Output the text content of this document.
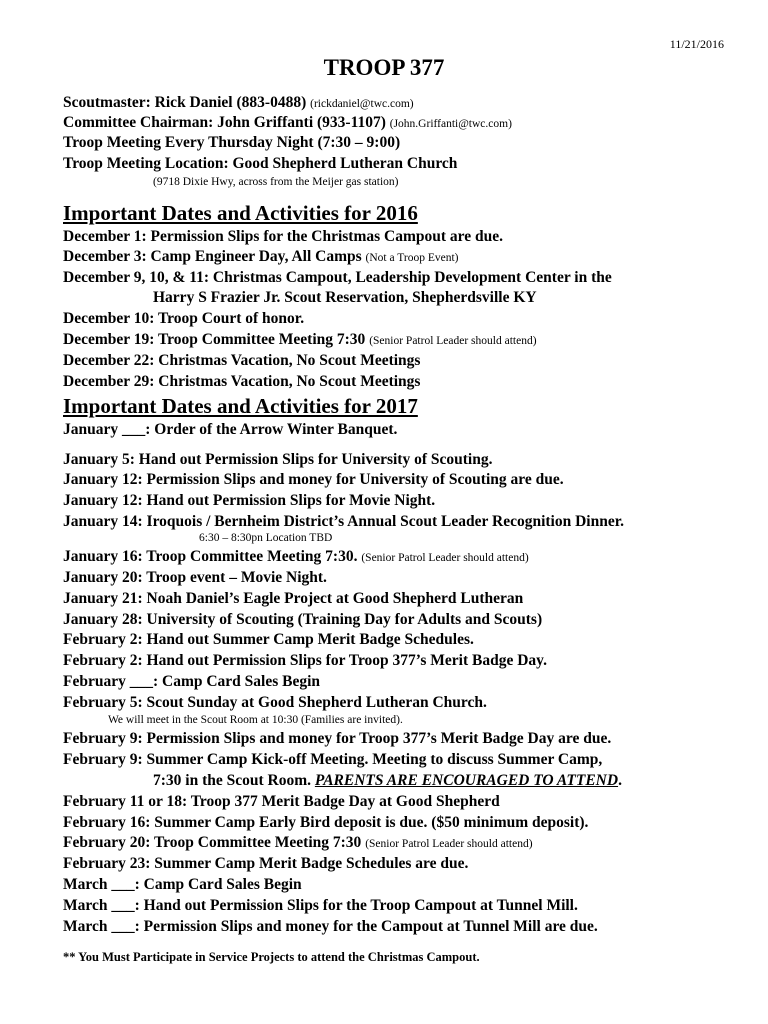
11/21/2016
TROOP 377
Scoutmaster: Rick Daniel (883-0488) (rickdaniel@twc.com)
Committee Chairman: John Griffanti (933-1107) (John.Griffanti@twc.com)
Troop Meeting Every Thursday Night (7:30 – 9:00)
Troop Meeting Location: Good Shepherd Lutheran Church
(9718 Dixie Hwy, across from the Meijer gas station)
Important Dates and Activities for 2016
December 1: Permission Slips for the Christmas Campout are due.
December 3: Camp Engineer Day, All Camps (Not a Troop Event)
December 9, 10, & 11: Christmas Campout, Leadership Development Center in the
Harry S Frazier Jr. Scout Reservation, Shepherdsville KY
December 10: Troop Court of honor.
December 19: Troop Committee Meeting 7:30 (Senior Patrol Leader should attend)
December 22: Christmas Vacation, No Scout Meetings
December 29: Christmas Vacation, No Scout Meetings
Important Dates and Activities for 2017
January ___: Order of the Arrow Winter Banquet.
January 5: Hand out Permission Slips for University of Scouting.
January 12: Permission Slips and money for University of Scouting are due.
January 12: Hand out Permission Slips for Movie Night.
January 14: Iroquois / Bernheim District’s Annual Scout Leader Recognition Dinner.
6:30 – 8:30pn Location TBD
January 16: Troop Committee Meeting 7:30. (Senior Patrol Leader should attend)
January 20: Troop event – Movie Night.
January 21: Noah Daniel’s Eagle Project at Good Shepherd Lutheran
January 28: University of Scouting (Training Day for Adults and Scouts)
February 2: Hand out Summer Camp Merit Badge Schedules.
February 2: Hand out Permission Slips for Troop 377’s Merit Badge Day.
February ___: Camp Card Sales Begin
February 5: Scout Sunday at Good Shepherd Lutheran Church.
We will meet in the Scout Room at 10:30 (Families are invited).
February 9: Permission Slips and money for Troop 377’s Merit Badge Day are due.
February 9: Summer Camp Kick-off Meeting. Meeting to discuss Summer Camp,
7:30 in the Scout Room. PARENTS ARE ENCOURAGED TO ATTEND.
February 11 or 18: Troop 377 Merit Badge Day at Good Shepherd
February 16: Summer Camp Early Bird deposit is due. ($50 minimum deposit).
February 20: Troop Committee Meeting 7:30 (Senior Patrol Leader should attend)
February 23: Summer Camp Merit Badge Schedules are due.
March ___: Camp Card Sales Begin
March ___: Hand out Permission Slips for the Troop Campout at Tunnel Mill.
March ___: Permission Slips and money for the Campout at Tunnel Mill are due.
** You Must Participate in Service Projects to attend the Christmas Campout.
